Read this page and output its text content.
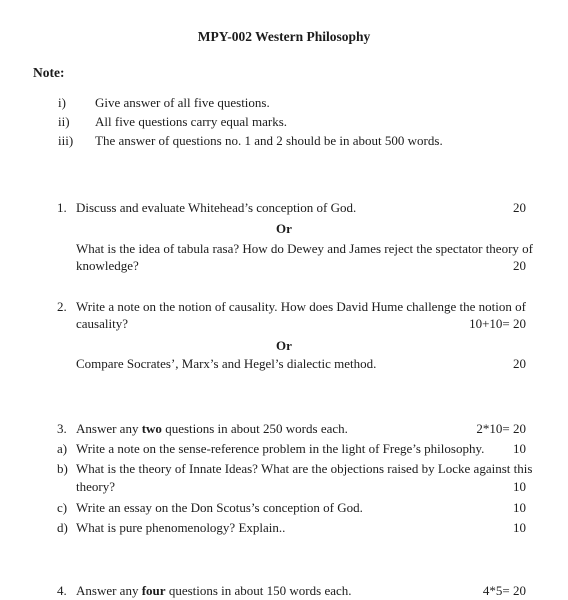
MPY-002 Western Philosophy
Note:
i) Give answer of all five questions.
ii) All five questions carry equal marks.
iii) The answer of questions no. 1 and 2 should be in about 500 words.
1. Discuss and evaluate Whitehead’s conception of God.	20
Or
What is the idea of tabula rasa? How do Dewey and James reject the spectator theory of
knowledge?	20
2. Write a note on the notion of causality. How does David Hume challenge the notion of
causality?	10+10= 20
Or
Compare Socrates’, Marx’s and Hegel’s dialectic method.	20
3. Answer any two questions in about 250 words each.	2*10= 20
a) Write a note on the sense-reference problem in the light of Frege’s philosophy.	10
b) What is the theory of Innate Ideas? What are the objections raised by Locke against this
theory?	10
c) Write an essay on the Don Scotus’s conception of God.	10
d) What is pure phenomenology? Explain..	10
4. Answer any four questions in about 150 words each.	4*5= 20
